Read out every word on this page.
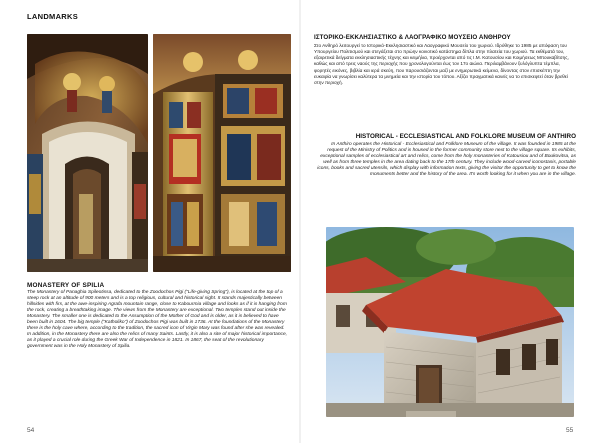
LANDMARKS

MONASTERY OF SPILIA

The Monastery of Panaghia Spileotissa, dedicated to the Zoodochos Pigi ("Life-giving Spring"), is located at the top of a steep rock at an altitude of 900 meters and is a top religious, cultural and historical sight. It stands majestically between hillsides with firs, at the awe-inspiring Agrafa mountain range, close to Kabourmia village and looks as if it is hanging from the rock, creating a breathtaking image. The views from the Monastery are exceptional. Two temples stand out inside the Monastery. The smaller one is dedicated to the Assumption of the Mother of God and is older, as it is believed to have been built in 1604. The big temple ("Katholiko") of Zoodochos Pigi was built in 1736. At the foundations of the Monastery there is the holy cave where, according to the tradition, the sacred icon of Virgin Mary was found after she was revealed. In addition, in the Monastery there are also the relics of many Saints. Lastly, it is also a site of major historical importance, as it played a crucial role during the Greek War of Independence in 1821. In 1867, the seat of the revolutionary government was in the Holy Monastery of Spilia.

54

ΙΣΤΟΡΙΚΟ-ΕΚΚΛΗΣΙΑΣΤΙΚΟ & ΛΑΟΓΡΑΦΙΚΟ ΜΟΥΣΕΙΟ ΑΝΘΗΡΟΥ

Στο Ανθηρό λειτουργεί το Ιστορικό-Εκκλησιαστικό και Λαογραφικό Μουσείο του χωριού. Ιδρύθηκε το 1985 με απόφαση του Υπουργείου Πολιτισμού και στεγάζεται στο πρώην κοινοτικό κατάστημα δίπλα στην πλατεία του χωριού. Τα εκθέματά του, εξαιρετικά δείγματα εκκλησιαστικής τέχνης και κειμήλια, προέρχονται από τις Ι.Μ. Κατουσίου και Κοιμήσεως Μπουκαβίτσης, καθώς και από τρεις ναούς της περιοχής που χρονολογούνται έως τον 17ο αιώνα. Περιλαμβάνουν ξυλόγλυπτα τέμπλα, φορητές εικόνες, βιβλία και ιερά σκεύη, που παρουσιάζονται μαζί με ενημερωτικά κείμενα, δίνοντας στον επισκέπτη την ευκαιρία να γνωρίσει καλύτερα τα μνημεία και την ιστορία του τόπου. Αξίζει πραγματικά κανείς να το επισκεφτεί όταν βρεθεί στην περιοχή.

HISTORICAL - ECCLESIASTICAL AND FOLKLORE MUSEUM OF ANTHIRO

In Anthiro operates the Historical - Ecclesiastical and Folklore Museum of the village. It was founded in 1985 at the request of the Ministry of Politics and is housed in the former community store next to the village square. Its exhibits, exceptional samples of ecclesiastical art and relics, come from the holy monasteries of Katousiou and of Boukovitsa, as well as from three temples in the area dating back to the 17th century. They include wood-carved iconostasis, portable icons, books and sacred utensils, which display with information texts, giving the visitor the opportunity to get to know the monuments better and the history of the area. It's worth looking for it when you are in the village.

55
